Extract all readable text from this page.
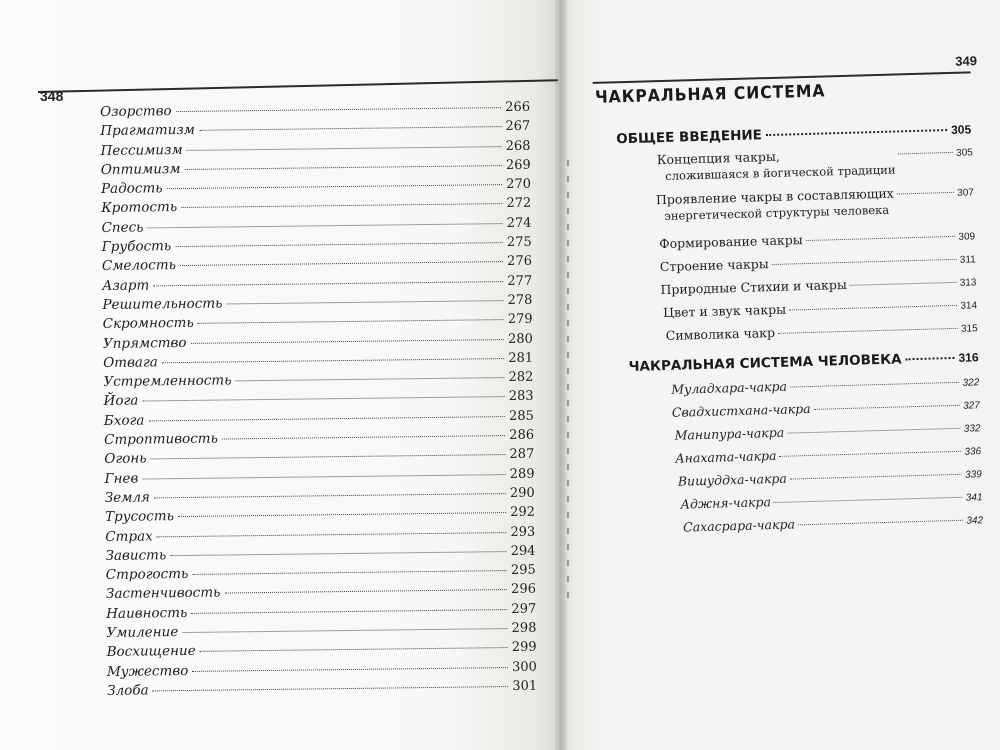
348
Озорство	266
Прагматизм	267
Пессимизм	268
Оптимизм	269
Радость	270
Кротость	272
Спесь	274
Грубость	275
Смелость	276
Азарт	277
Решительность	278
Скромность	279
Упрямство	280
Отвага	281
Устремленность	282
Йога	283
Бхога	285
Строптивость	286
Огонь	287
Гнев	289
Земля	290
Трусость	292
Страх	293
Зависть	294
Строгость	295
Застенчивость	296
Наивность	297
Умиление	298
Восхищение	299
Мужество	300
Злоба	301
349
ЧАКРАЛЬНАЯ СИСТЕМА
ОБЩЕЕ ВВЕДЕНИЕ	305
Концепция чакры,
сложившаяся в йогической традиции
305
Проявление чакры в составляющих
энергетической структуры человека
307
Формирование чакры	309
Строение чакры	311
Природные Стихии и чакры	313
Цвет и звук чакры	314
Символика чакр	315
ЧАКРАЛЬНАЯ СИСТЕМА ЧЕЛОВЕКА	316
Муладхара-чакра	322
Свадхистхана-чакра	327
Манипура-чакра	332
Анахата-чакра	336
Вишуддха-чакра	339
Аджня-чакра	341
Сахасрара-чакра	342
